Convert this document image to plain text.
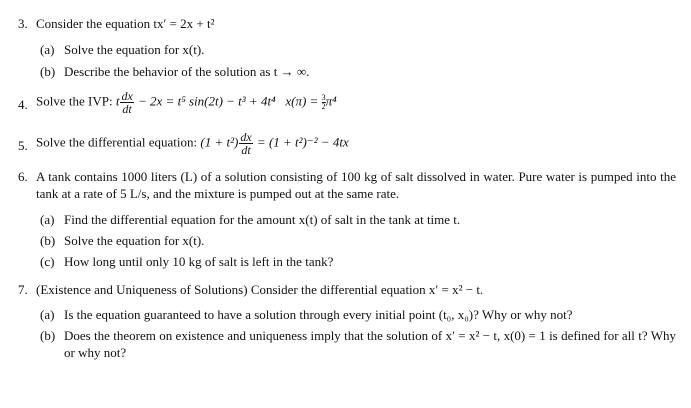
3. Consider the equation tx′ = 2x + t²
(a) Solve the equation for x(t).
(b) Describe the behavior of the solution as t → ∞.
4. Solve the IVP: t $\frac{dx}{dt} - 2x = t^5$ sin(2t) − t³ + 4t⁴ $x(\pi) = \frac{3}{2} \pi^4$
5. Solve the differential equation: $(1 + t^2) \frac{dx}{dt} = (1 + t^2)^{-2} - 4tx$
6. A tank contains 1000 liters (L) of a solution consisting of 100 kg of salt dissolved in water. Pure water is pumped into the tank at a rate of 5 L/s, and the mixture is pumped out at the same rate.
(a) Find the differential equation for the amount x(t) of salt in the tank at time t.
(b) Solve the equation for x(t).
(c) How long until only 10 kg of salt is left in the tank?
7. (Existence and Uniqueness of Solutions) Consider the differential equation x′ = x² − t.
(a) Is the equation guaranteed to have a solution through every initial point (t₀, x₀)? Why or why not?
(b) Does the theorem on existence and uniqueness imply that the solution of x′ = x² − t, x(0) = 1 is defined for all t? Why or why not?
